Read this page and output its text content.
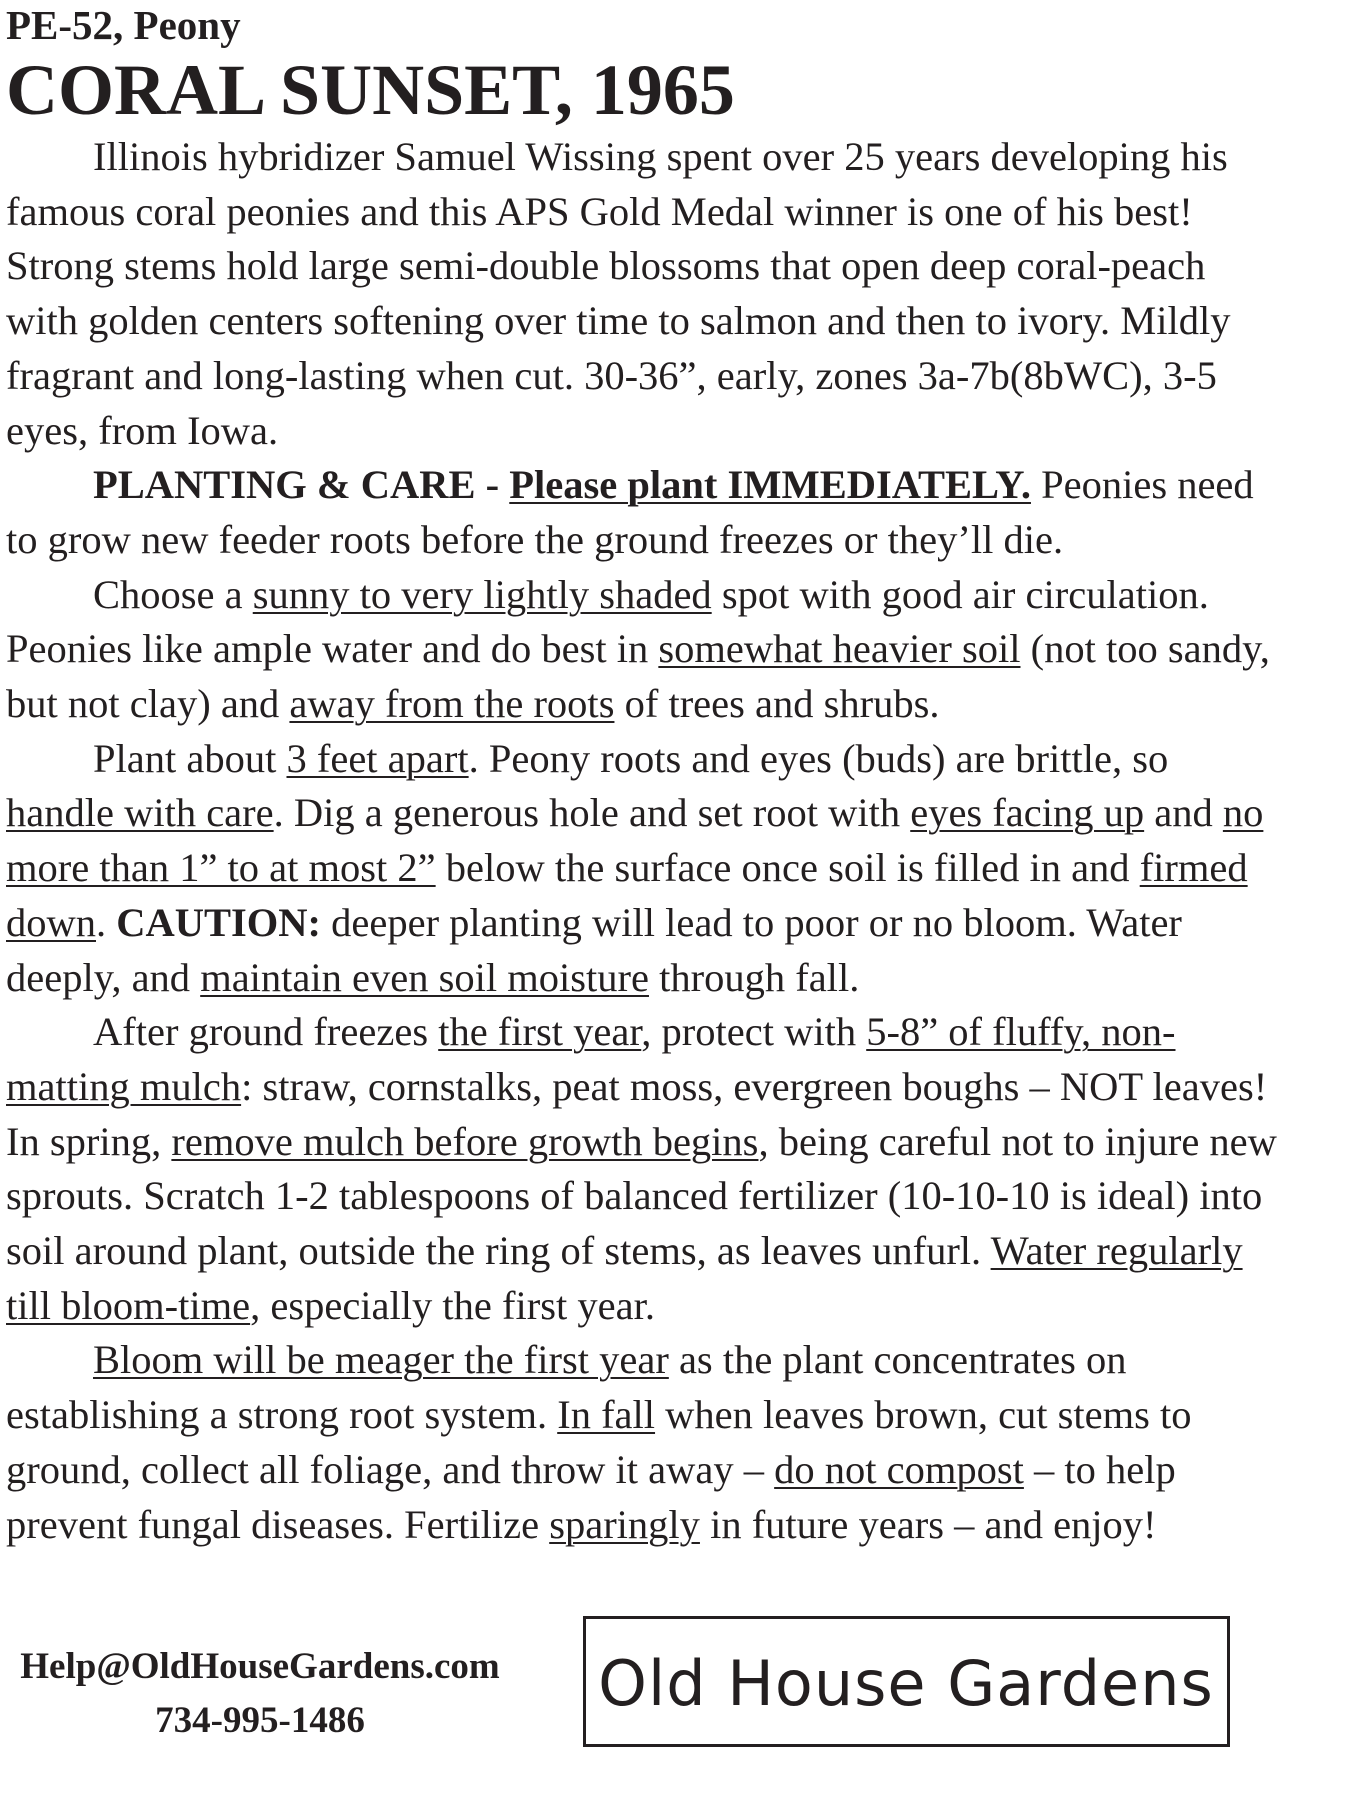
PE-52, Peony

CORAL SUNSET, 1965

Illinois hybridizer Samuel Wissing spent over 25 years developing his famous coral peonies and this APS Gold Medal winner is one of his best! Strong stems hold large semi-double blossoms that open deep coral-peach with golden centers softening over time to salmon and then to ivory. Mildly fragrant and long-lasting when cut. 30-36”, early, zones 3a-7b(8bWC), 3-5 eyes, from Iowa.

PLANTING & CARE - Please plant IMMEDIATELY. Peonies need to grow new feeder roots before the ground freezes or they’ll die.

Choose a sunny to very lightly shaded spot with good air circulation. Peonies like ample water and do best in somewhat heavier soil (not too sandy, but not clay) and away from the roots of trees and shrubs.

Plant about 3 feet apart. Peony roots and eyes (buds) are brittle, so handle with care. Dig a generous hole and set root with eyes facing up and no more than 1” to at most 2” below the surface once soil is filled in and firmed down. CAUTION: deeper planting will lead to poor or no bloom. Water deeply, and maintain even soil moisture through fall.

After ground freezes the first year, protect with 5-8” of fluffy, non-matting mulch: straw, cornstalks, peat moss, evergreen boughs – NOT leaves! In spring, remove mulch before growth begins, being careful not to injure new sprouts. Scratch 1-2 tablespoons of balanced fertilizer (10-10-10 is ideal) into soil around plant, outside the ring of stems, as leaves unfurl. Water regularly till bloom-time, especially the first year.

Bloom will be meager the first year as the plant concentrates on establishing a strong root system. In fall when leaves brown, cut stems to ground, collect all foliage, and throw it away – do not compost – to help prevent fungal diseases. Fertilize sparingly in future years – and enjoy!

Help@OldHouseGardens.com
734-995-1486
Old House Gardens
